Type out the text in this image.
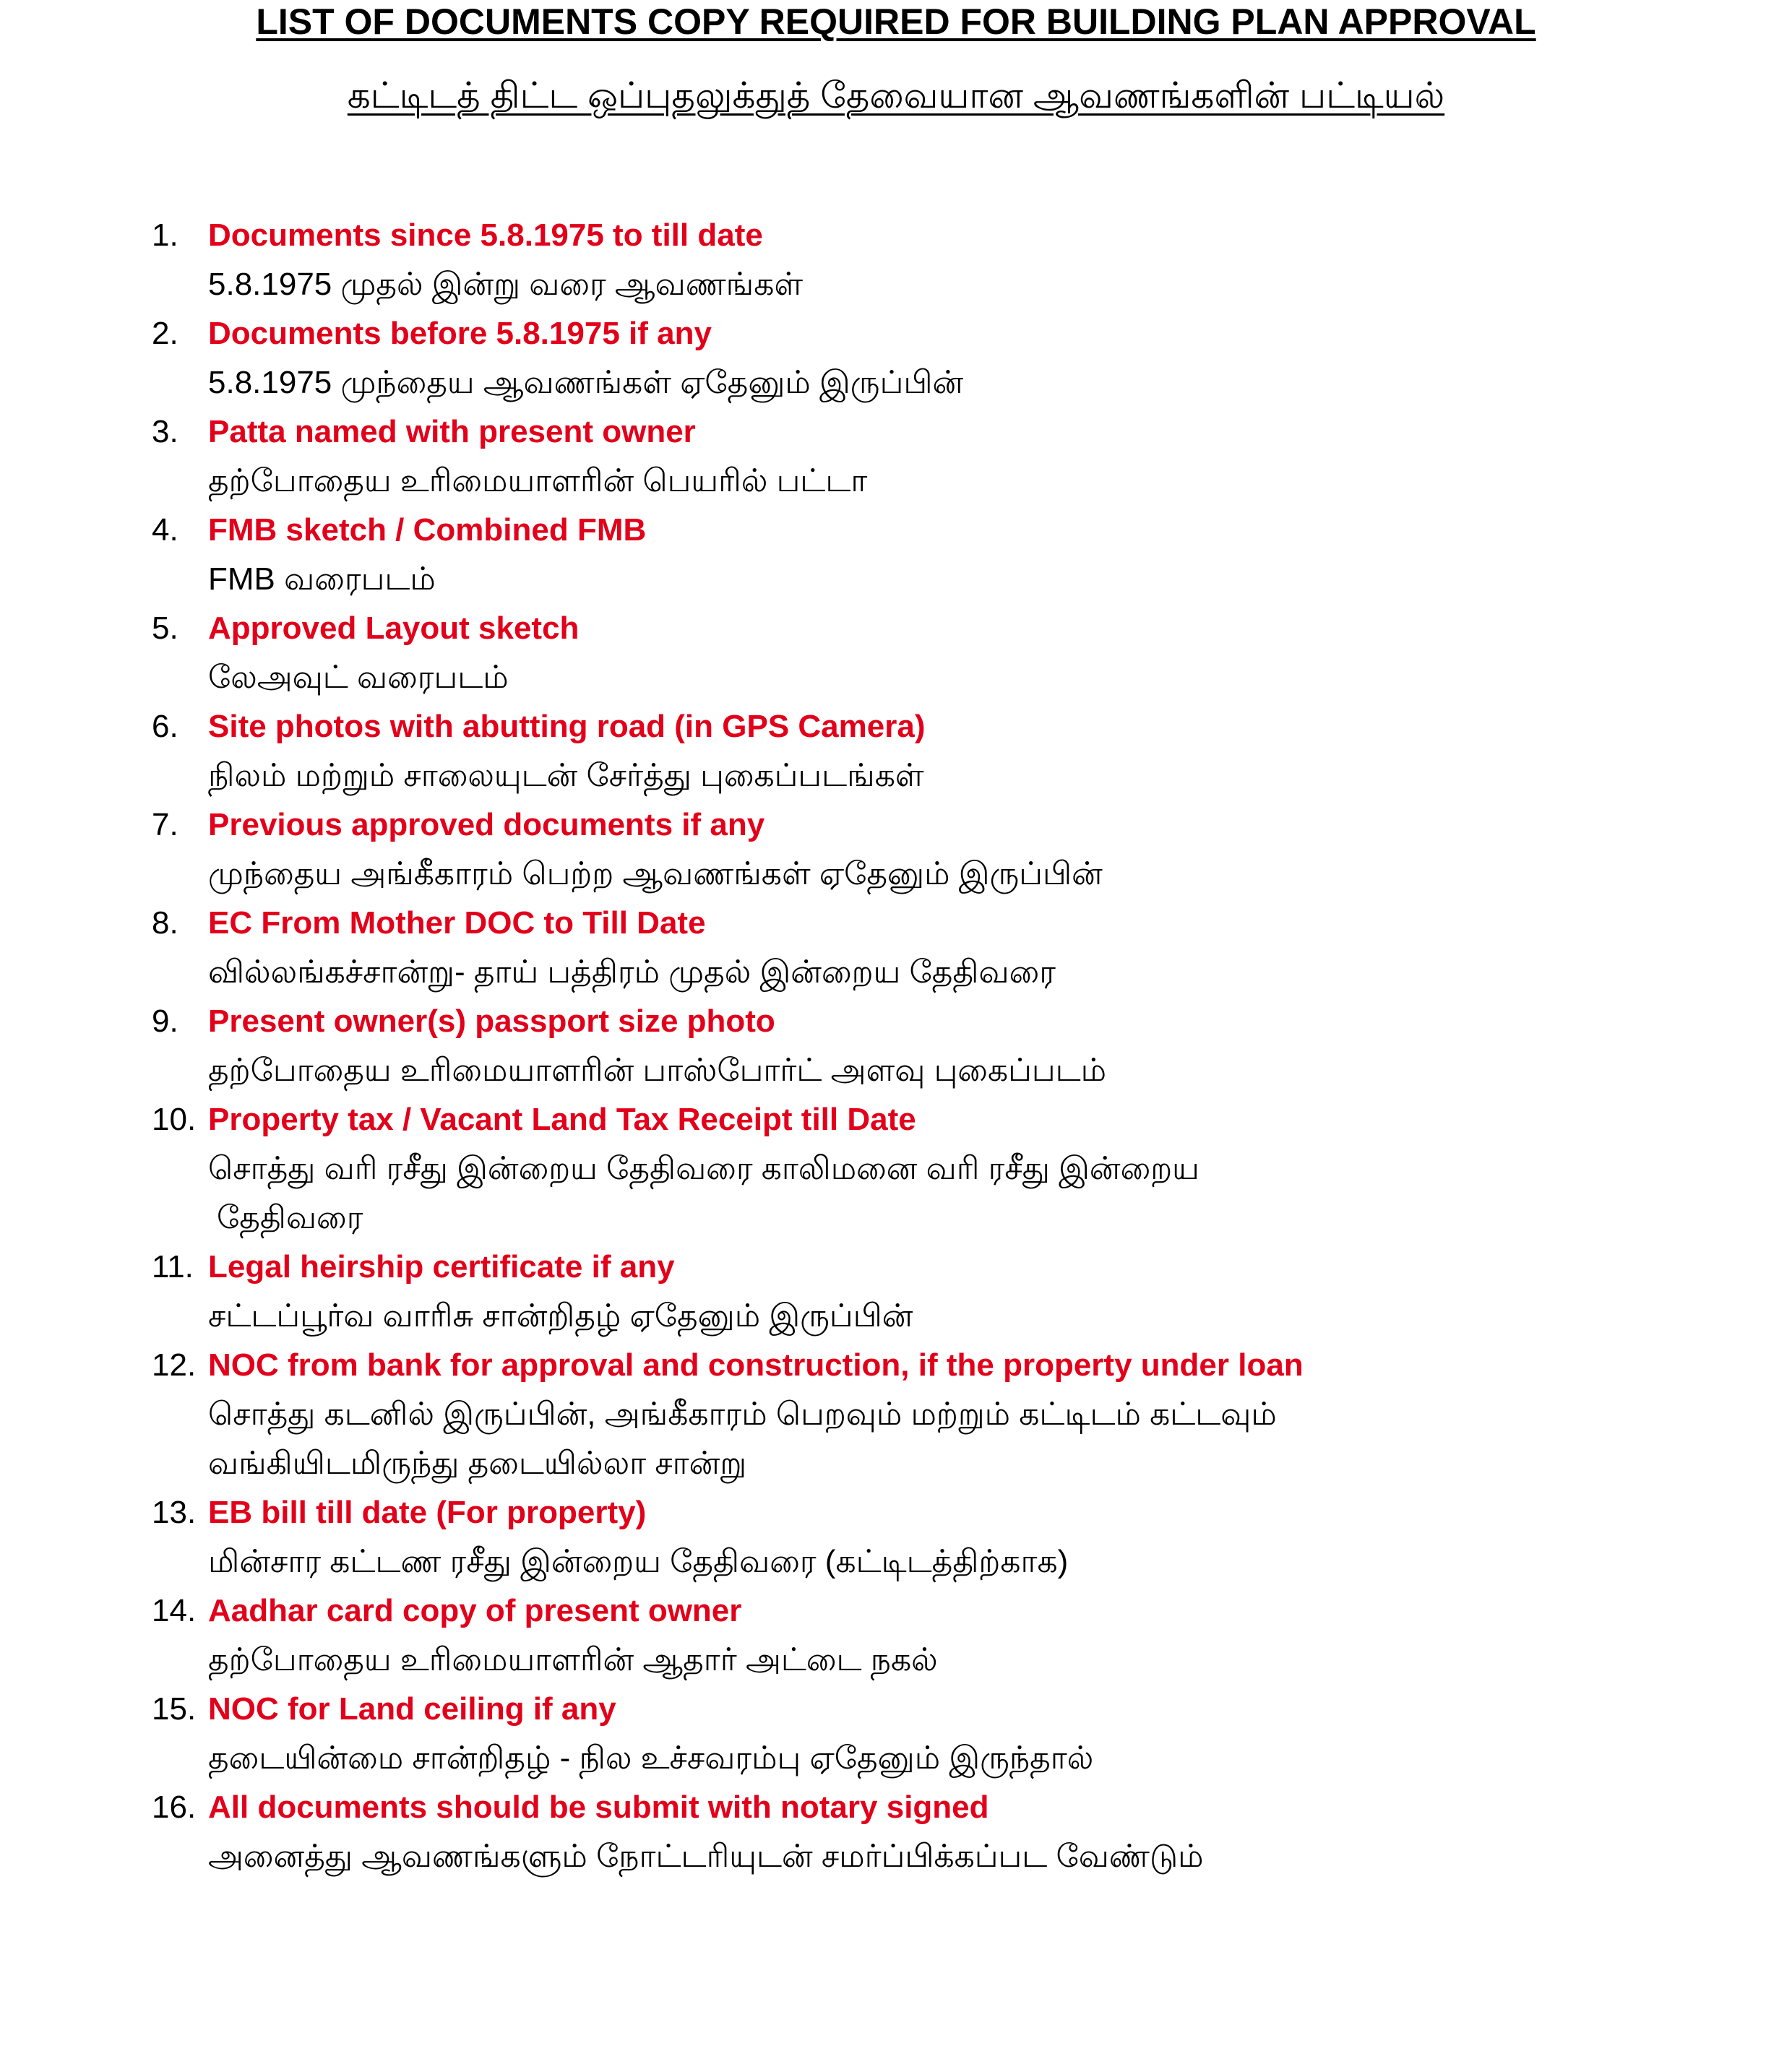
LIST OF DOCUMENTS COPY REQUIRED FOR BUILDING PLAN APPROVAL
கட்டிடத் திட்ட ஒப்புதலுக்துத் தேவையான ஆவணங்களின் பட்டியல்
1. Documents since 5.8.1975 to till date
5.8.1975 முதல் இன்று வரை ஆவணங்கள்
2. Documents before 5.8.1975 if any
5.8.1975 முந்தைய ஆவணங்கள் ஏதேனும் இருப்பின்
3. Patta named with present owner
தற்போதைய உரிமையாளரின் பெயரில் பட்டா
4. FMB sketch / Combined FMB
FMB வரைபடம்
5. Approved Layout sketch
லேஅவுட் வரைபடம்
6. Site photos with abutting road (in GPS Camera)
நிலம் மற்றும் சாலையுடன் சேர்த்து புகைப்படங்கள்
7. Previous approved documents if any
முந்தைய அங்கீகாரம் பெற்ற ஆவணங்கள் ஏதேனும் இருப்பின்
8. EC From Mother DOC to Till Date
வில்லங்கச்சான்று- தாய் பத்திரம் முதல் இன்றைய தேதிவரை
9. Present owner(s) passport size photo
தற்போதைய உரிமையாளரின் பாஸ்போர்ட் அளவு புகைப்படம்
10. Property tax / Vacant Land Tax Receipt till Date
சொத்து வரி ரசீது இன்றைய தேதிவரை காலிமனை வரி ரசீது இன்றைய
தேதிவரை
11. Legal heirship certificate if any
சட்டப்பூர்வ வாரிசு சான்றிதழ் ஏதேனும் இருப்பின்
12. NOC from bank for approval and construction, if the property under loan
சொத்து கடனில் இருப்பின், அங்கீகாரம் பெறவும் மற்றும் கட்டிடம் கட்டவும்
வங்கியிடமிருந்து தடையில்லா சான்று
13. EB bill till date (For property)
மின்சார கட்டண ரசீது இன்றைய தேதிவரை (கட்டிடத்திற்காக)
14. Aadhar card copy of present owner
தற்போதைய உரிமையாளரின் ஆதார் அட்டை நகல்
15. NOC for Land ceiling if any
தடையின்மை சான்றிதழ் - நில உச்சவரம்பு ஏதேனும் இருந்தால்
16. All documents should be submit with notary signed
அனைத்து ஆவணங்களும் நோட்டரியுடன் சமர்ப்பிக்கப்பட வேண்டும்
